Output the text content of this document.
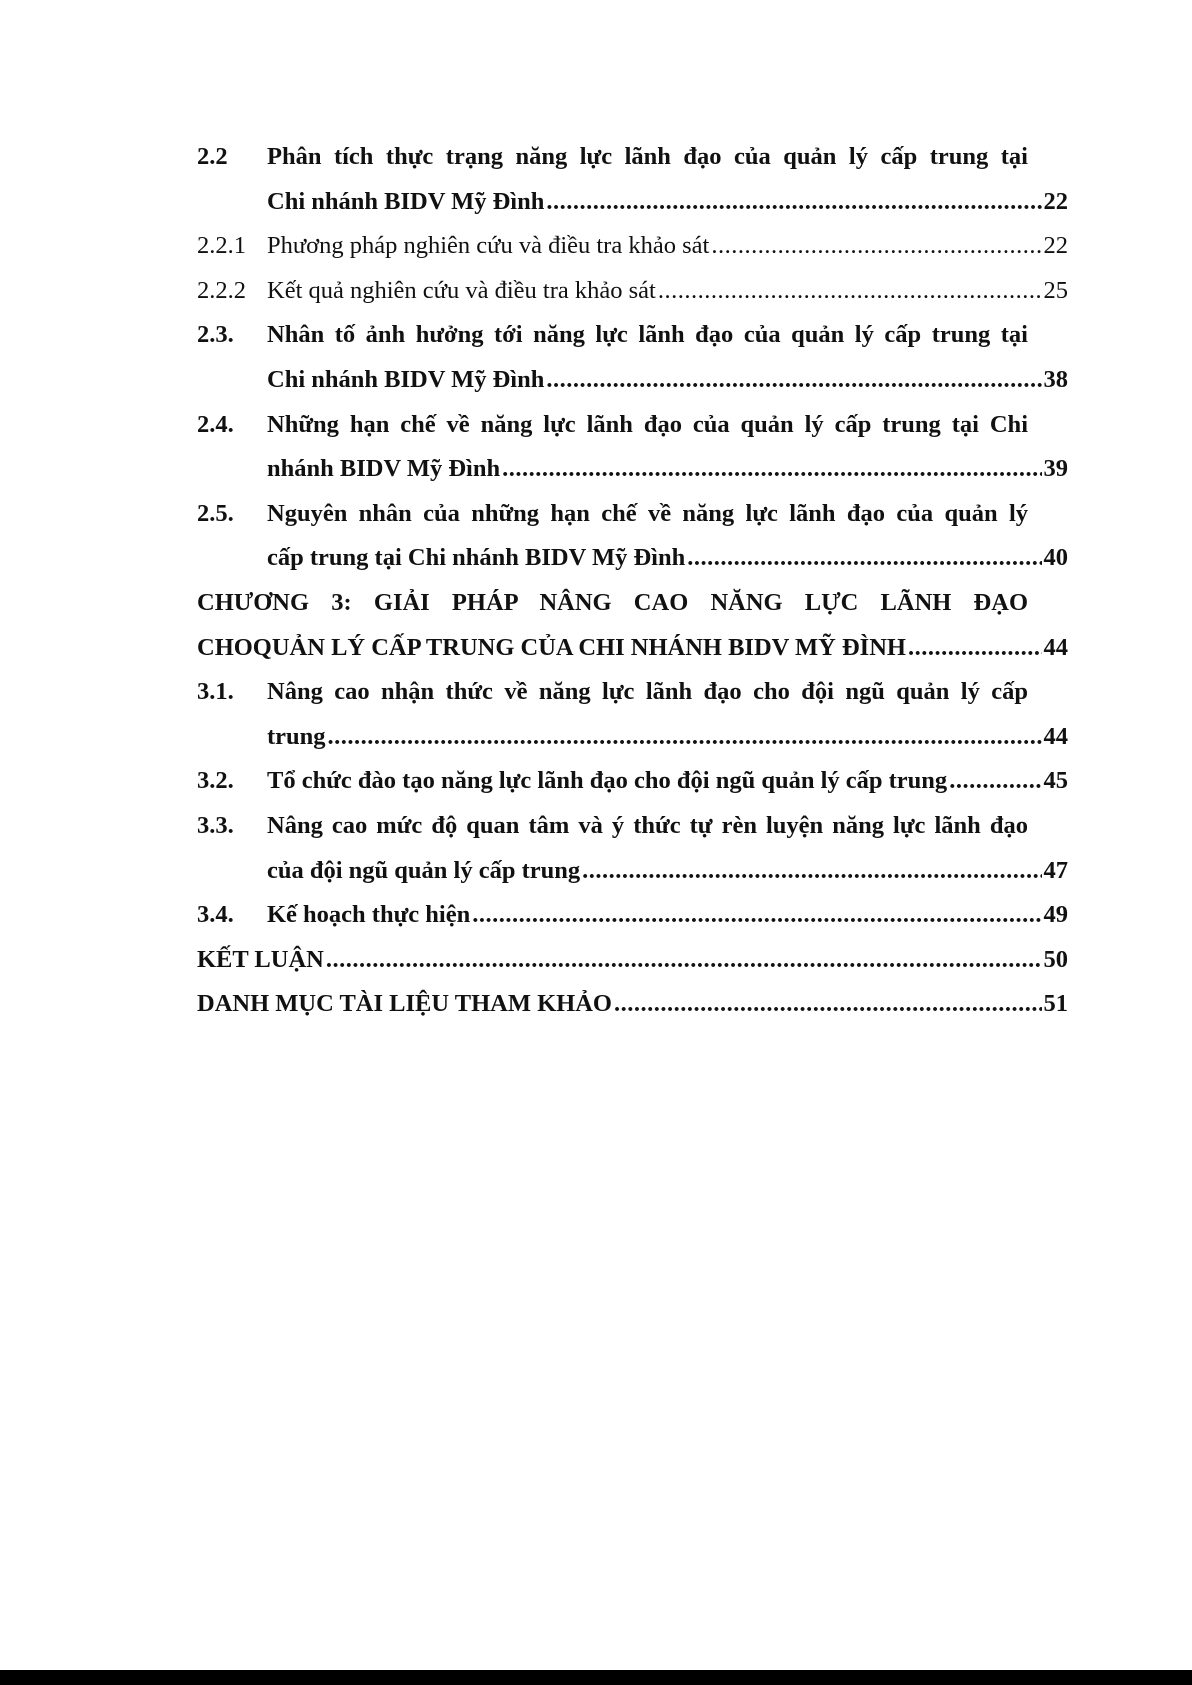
2.2 Phân tích thực trạng năng lực lãnh đạo của quản lý cấp trung tại
Chi nhánh BIDV Mỹ Đình .....	22
2.2.1 Phương pháp nghiên cứu và điều tra khảo sát .....	22
2.2.2 Kết quả nghiên cứu và điều tra khảo sát .....	25
2.3. Nhân tố ảnh hưởng tới năng lực lãnh đạo của quản lý cấp trung tại
Chi nhánh BIDV Mỹ Đình .....	38
2.4. Những hạn chế về năng lực lãnh đạo của quản lý cấp trung tại Chi
nhánh BIDV Mỹ Đình .....	39
2.5. Nguyên nhân của những hạn chế về năng lực lãnh đạo của quản lý
cấp trung tại Chi nhánh BIDV Mỹ Đình .....	40
CHƯƠNG 3: GIẢI PHÁP NÂNG CAO NĂNG LỰC LÃNH ĐẠO
CHOQUẢN LÝ CẤP TRUNG CỦA CHI NHÁNH BIDV MỸ ĐÌNH .....	44
3.1. Nâng cao nhận thức về năng lực lãnh đạo cho đội ngũ quản lý cấp
trung .....	44
3.2. Tổ chức đào tạo năng lực lãnh đạo cho đội ngũ quản lý cấp trung .....	45
3.3. Nâng cao mức độ quan tâm và ý thức tự rèn luyện năng lực lãnh đạo
của đội ngũ quản lý cấp trung .....	47
3.4. Kế hoạch thực hiện .....	49
KẾT LUẬN .....	50
DANH MỤC TÀI LIỆU THAM KHẢO .....	51
